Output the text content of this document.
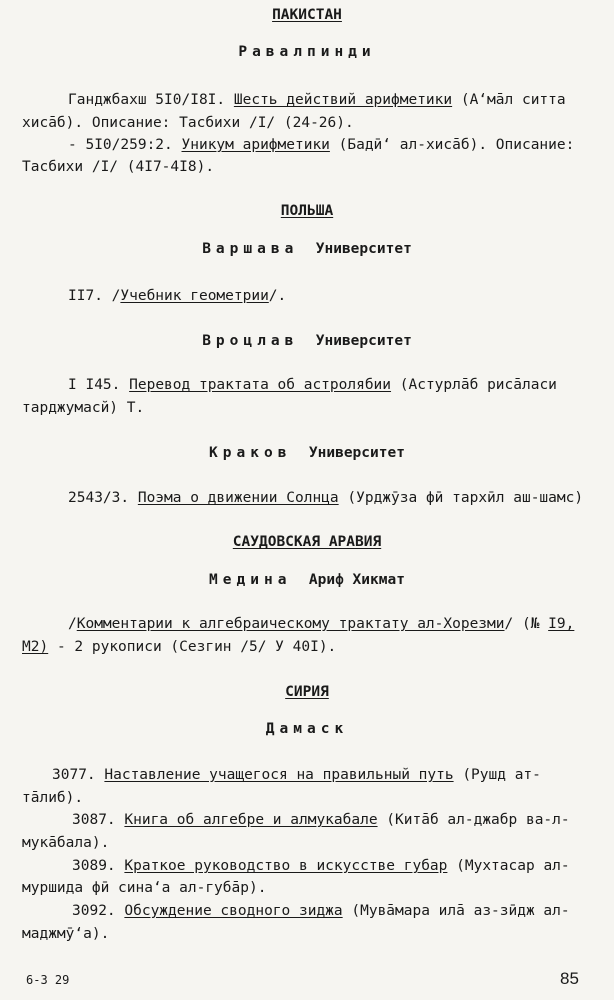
ПАКИСТАН
Равалпинди
Ганджбахш 5I0/I8I. Шесть действий арифметики (А‘мāл ситта
хисāб). Описание: Тасбихи /I/ (24-26).
- 5I0/259:2. Уникум арифметики (Бадӣ‘ ал-хисāб). Описание:
Тасбихи /I/ (4I7-4I8).
ПОЛЬША
Варшава Университет
II7. /Учебник геометрии/.
Вроцлав Университет
I I45. Перевод трактата об астролябии (Астурлāб рисāласи
тарджумасй) Т.
Краков Университет
2543/3. Поэма о движении Солнца (Урджӯза фӣ тархӣл аш-шамс)
САУДОВСКАЯ АРАВИЯ
Медина Ариф Хикмат
/Комментарии к алгебраическому трактату ал-Хорезми/ (№ I9,
M2) - 2 рукописи (Сезгин /5/ У 40I).
СИРИЯ
Дамаск
3077. Наставление учащегося на правильный путь (Рушд ат-
тāлиб).
3087. Книга об алгебре и алмукабале (Китāб ал-джабр ва-л-
мукāбала).
3089. Краткое руководство в искусстве губар (Мухтасар ал-
муршида фӣ сина‘а ал-губāр).
3092. Обсуждение сводного зиджа (Мувāмара илā аз-зӣдж ал-
маджмӯ‘а).
6-3 29	85
